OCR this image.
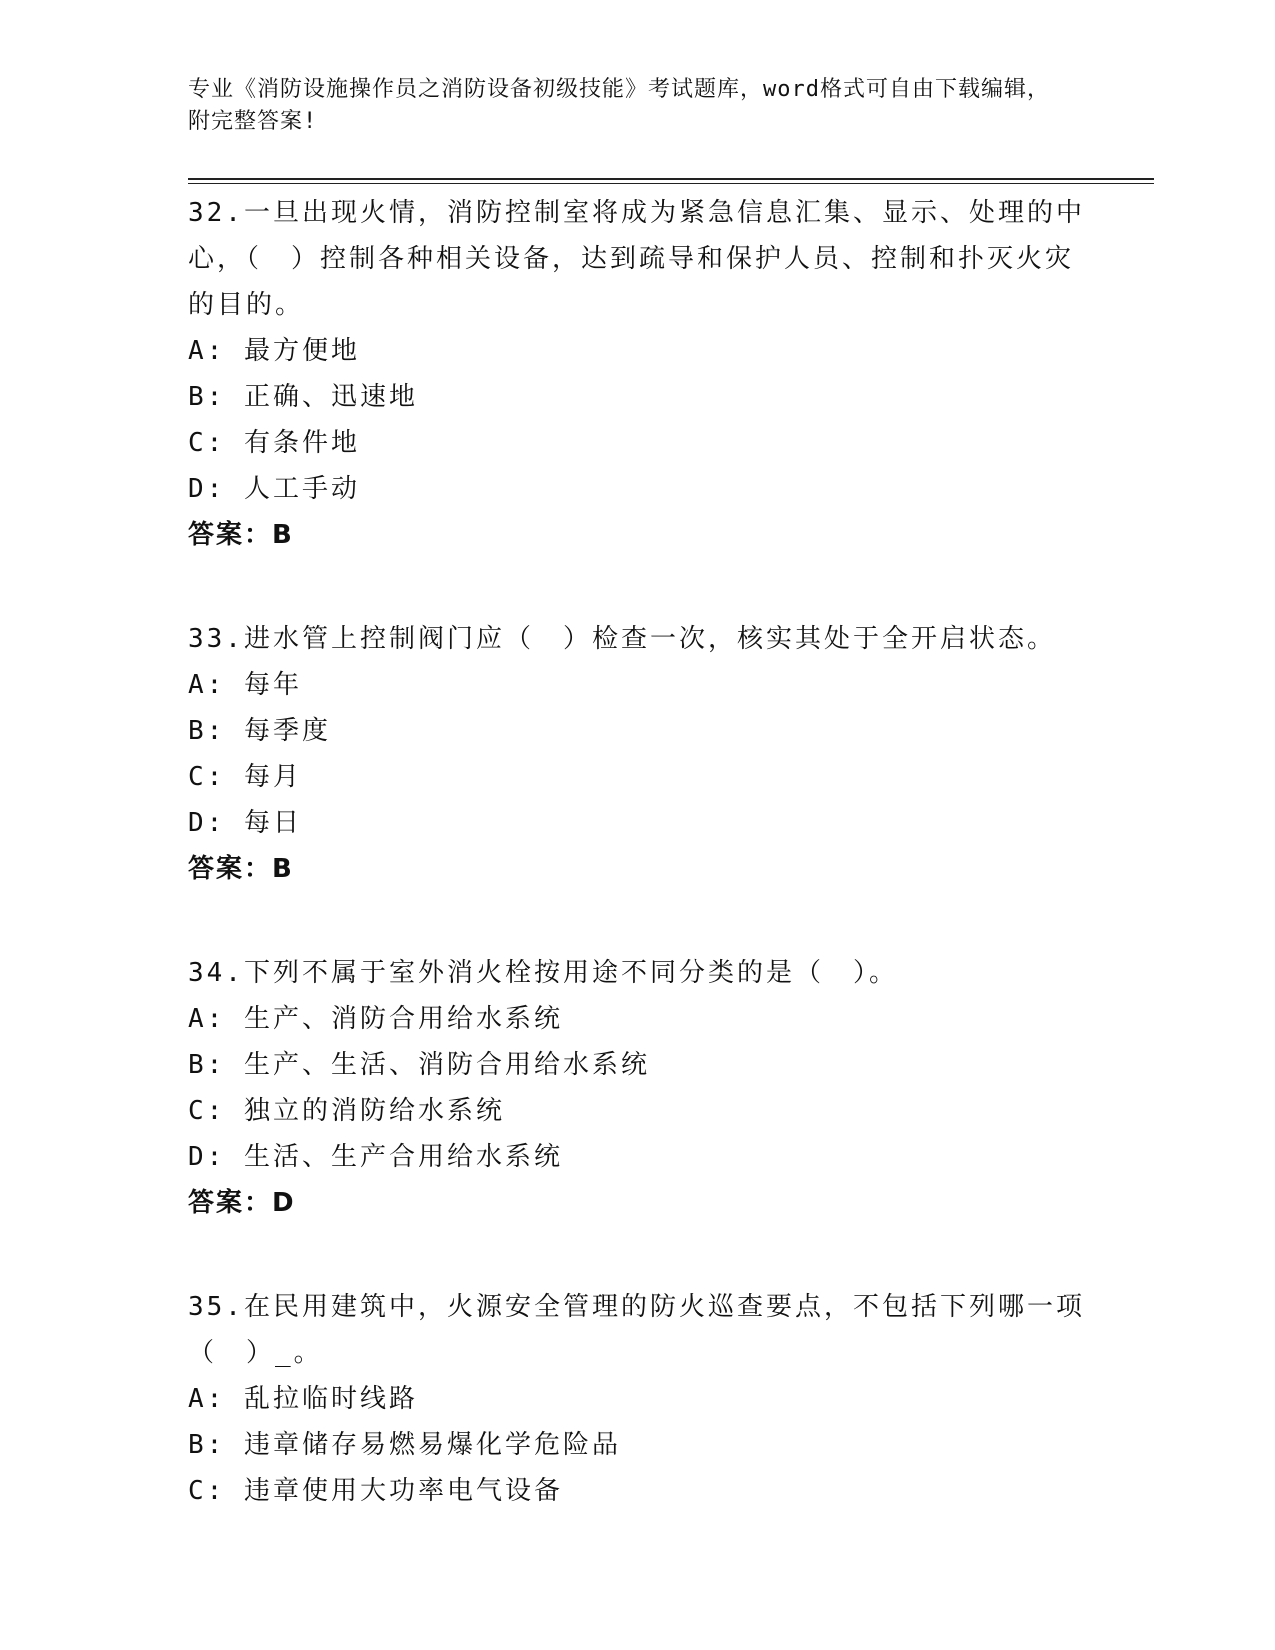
专业《消防设施操作员之消防设备初级技能》考试题库，word格式可自由下载编辑，附完整答案!

32.一旦出现火情，消防控制室将成为紧急信息汇集、显示、处理的中心，（　）控制各种相关设备，达到疏导和保护人员、控制和扑灭火灾的目的。

A: 最方便地

B: 正确、迅速地

C: 有条件地

D: 人工手动

答案：B

33.进水管上控制阀门应（　）检查一次，核实其处于全开启状态。

A: 每年

B: 每季度

C: 每月

D: 每日

答案：B

34.下列不属于室外消火栓按用途不同分类的是（　）。

A: 生产、消防合用给水系统

B: 生产、生活、消防合用给水系统

C: 独立的消防给水系统

D: 生活、生产合用给水系统

答案：D

35.在民用建筑中，火源安全管理的防火巡查要点，不包括下列哪一项（　）_。

A: 乱拉临时线路

B: 违章储存易燃易爆化学危险品

C: 违章使用大功率电气设备
